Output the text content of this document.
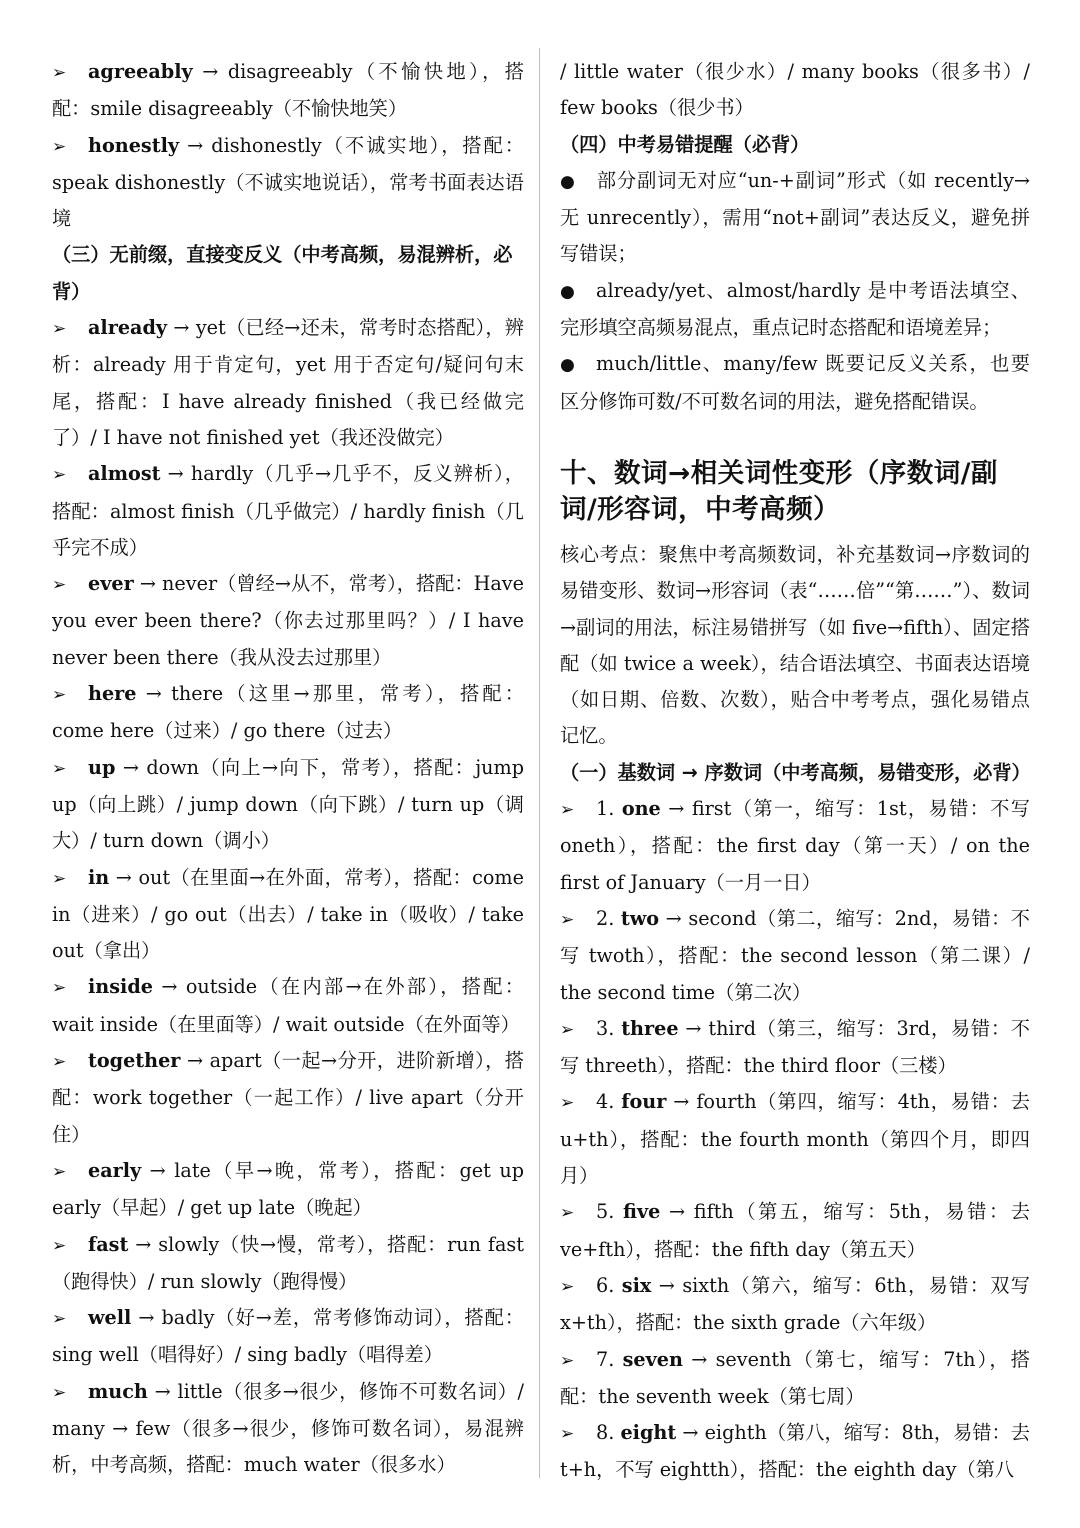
➢ agreeably → disagreeably（不愉快地），搭配：smile disagreeably（不愉快地笑）

➢ honestly → dishonestly（不诚实地），搭配：speak dishonestly（不诚实地说话），常考书面表达语境

（三）无前缀，直接变反义（中考高频，易混辨析，必背）

➢ already → yet（已经→还未，常考时态搭配），辨析：already 用于肯定句，yet 用于否定句/疑问句末尾，搭配：I have already finished（我已经做完了）/ I have not finished yet（我还没做完）

➢ almost → hardly（几乎→几乎不，反义辨析），搭配：almost finish（几乎做完）/ hardly finish（几乎完不成）

➢ ever → never（曾经→从不，常考），搭配：Have you ever been there?（你去过那里吗？）/ I have never been there（我从没去过那里）

➢ here → there（这里→那里，常考），搭配：come here（过来）/ go there（过去）

➢ up → down（向上→向下，常考），搭配：jump up（向上跳）/ jump down（向下跳）/ turn up（调大）/ turn down（调小）

➢ in → out（在里面→在外面，常考），搭配：come in（进来）/ go out（出去）/ take in（吸收）/ take out（拿出）

➢ inside → outside（在内部→在外部），搭配：wait inside（在里面等）/ wait outside（在外面等）

➢ together → apart（一起→分开，进阶新增），搭配：work together（一起工作）/ live apart（分开住）

➢ early → late（早→晚，常考），搭配：get up early（早起）/ get up late（晚起）

➢ fast → slowly（快→慢，常考），搭配：run fast（跑得快）/ run slowly（跑得慢）

➢ well → badly（好→差，常考修饰动词），搭配：sing well（唱得好）/ sing badly（唱得差）

➢ much → little（很多→很少，修饰不可数名词）/ many → few（很多→很少，修饰可数名词），易混辨析，中考高频，搭配：much water（很多水）

/ little water（很少水）/ many books（很多书）/ few books（很少书）

（四）中考易错提醒（必背）

● 部分副词无对应“un-+副词”形式（如 recently→无 unrecently），需用“not+副词”表达反义，避免拼写错误；

● already/yet、almost/hardly 是中考语法填空、完形填空高频易混点，重点记时态搭配和语境差异；

● much/little、many/few 既要记反义关系，也要区分修饰可数/不可数名词的用法，避免搭配错误。

十、数词→相关词性变形（序数词/副词/形容词，中考高频）

核心考点：聚焦中考高频数词，补充基数词→序数词的易错变形、数词→形容词（表“……倍”“第……”）、数词→副词的用法，标注易错拼写（如 five→fifth）、固定搭配（如 twice a week），结合语法填空、书面表达语境（如日期、倍数、次数），贴合中考考点，强化易错点记忆。

（一）基数词 → 序数词（中考高频，易错变形，必背）

➢ 1. one → first（第一，缩写：1st，易错：不写 oneth），搭配：the first day（第一天）/ on the first of January（一月一日）

➢ 2. two → second（第二，缩写：2nd，易错：不写 twoth），搭配：the second lesson（第二课）/ the second time（第二次）

➢ 3. three → third（第三，缩写：3rd，易错：不写 threeth），搭配：the third floor（三楼）

➢ 4. four → fourth（第四，缩写：4th，易错：去 u+th），搭配：the fourth month（第四个月，即四月）

➢ 5. five → fifth（第五，缩写：5th，易错：去 ve+fth），搭配：the fifth day（第五天）

➢ 6. six → sixth（第六，缩写：6th，易错：双写 x+th），搭配：the sixth grade（六年级）

➢ 7. seven → seventh（第七，缩写：7th），搭配：the seventh week（第七周）

➢ 8. eight → eighth（第八，缩写：8th，易错：去 t+h，不写 eightth），搭配：the eighth day（第八
